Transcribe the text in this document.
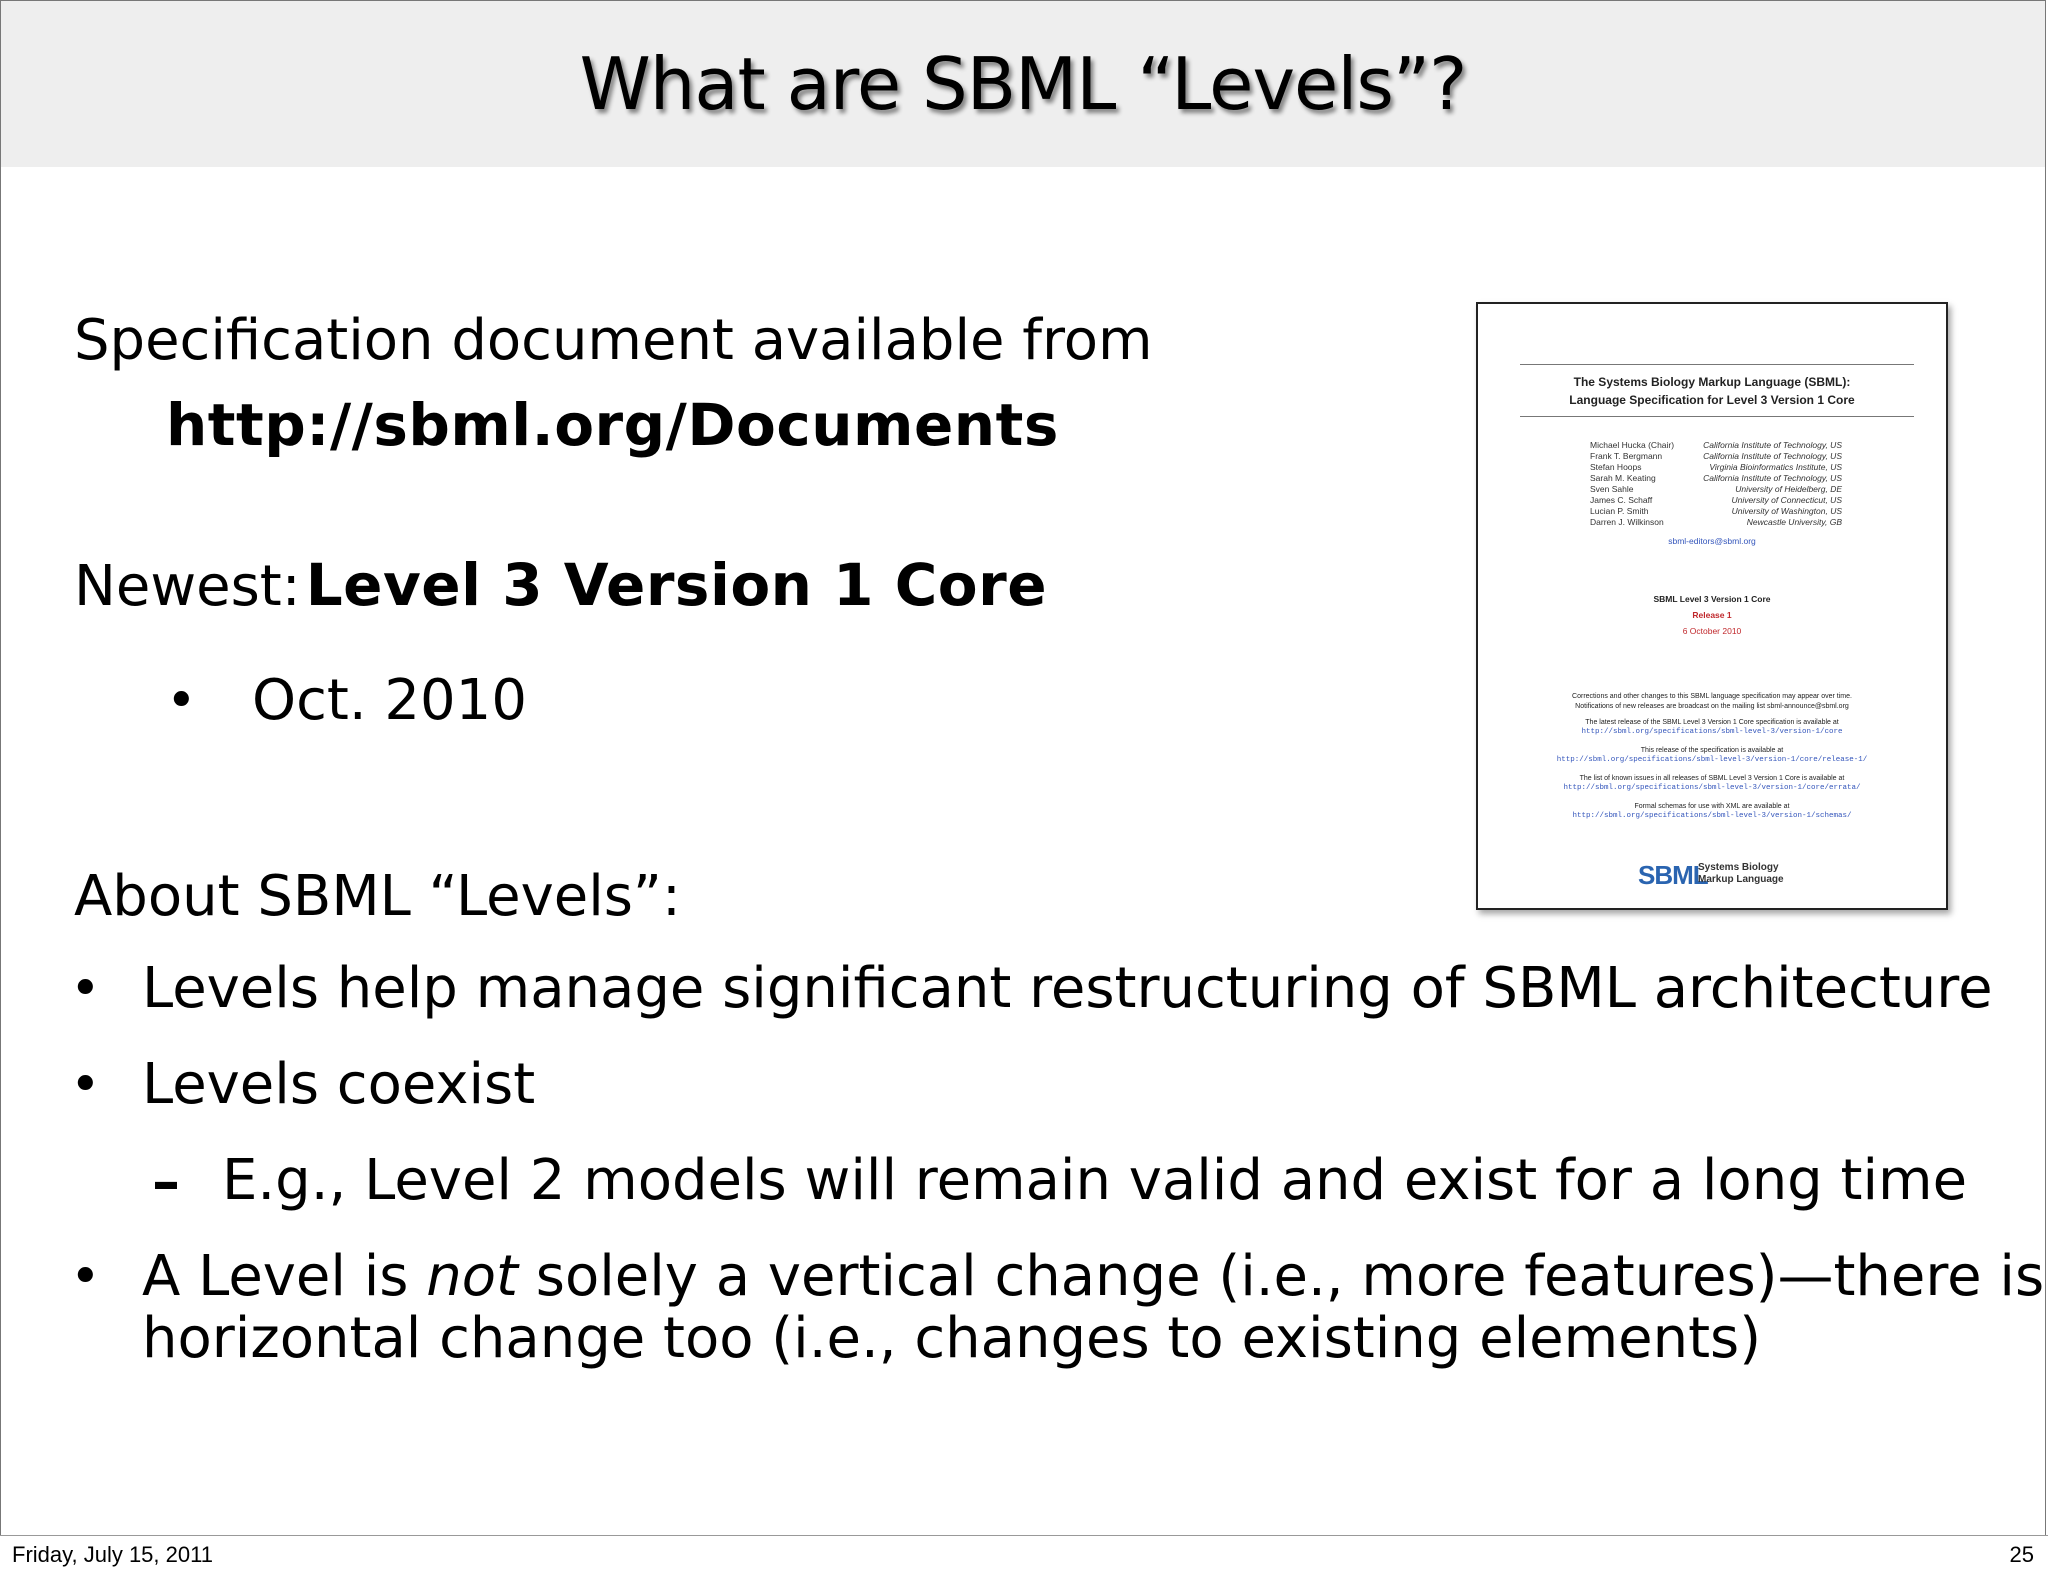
What are SBML “Levels”?
Specification document available from
http://sbml.org/Documents
Newest: Level 3 Version 1 Core
• Oct. 2010
About SBML “Levels”:
• Levels help manage significant restructuring of SBML architecture
• Levels coexist
– E.g., Level 2 models will remain valid and exist for a long time
• A Level is not solely a vertical change (i.e., more features)—there is
horizontal change too (i.e., changes to existing elements)
The Systems Biology Markup Language (SBML):
Language Specification for Level 3 Version 1 Core
Michael Hucka (Chair)	California Institute of Technology, US
Frank T. Bergmann	California Institute of Technology, US
Stefan Hoops	Virginia Bioinformatics Institute, US
Sarah M. Keating	California Institute of Technology, US
Sven Sahle	University of Heidelberg, DE
James C. Schaff	University of Connecticut, US
Lucian P. Smith	University of Washington, US
Darren J. Wilkinson	Newcastle University, GB
sbml-editors@sbml.org
SBML Level 3 Version 1 Core
Release 1
6 October 2010
Corrections and other changes to this SBML language specification may appear over time.
Notifications of new releases are broadcast on the mailing list sbml-announce@sbml.org
The latest release of the SBML Level 3 Version 1 Core specification is available at
http://sbml.org/specifications/sbml-level-3/version-1/core
This release of the specification is available at
http://sbml.org/specifications/sbml-level-3/version-1/core/release-1/
The list of known issues in all releases of SBML Level 3 Version 1 Core is available at
http://sbml.org/specifications/sbml-level-3/version-1/core/errata/
Formal schemas for use with XML are available at
http://sbml.org/specifications/sbml-level-3/version-1/schemas/
SBML
Systems Biology
Markup Language
Friday, July 15, 2011	25
